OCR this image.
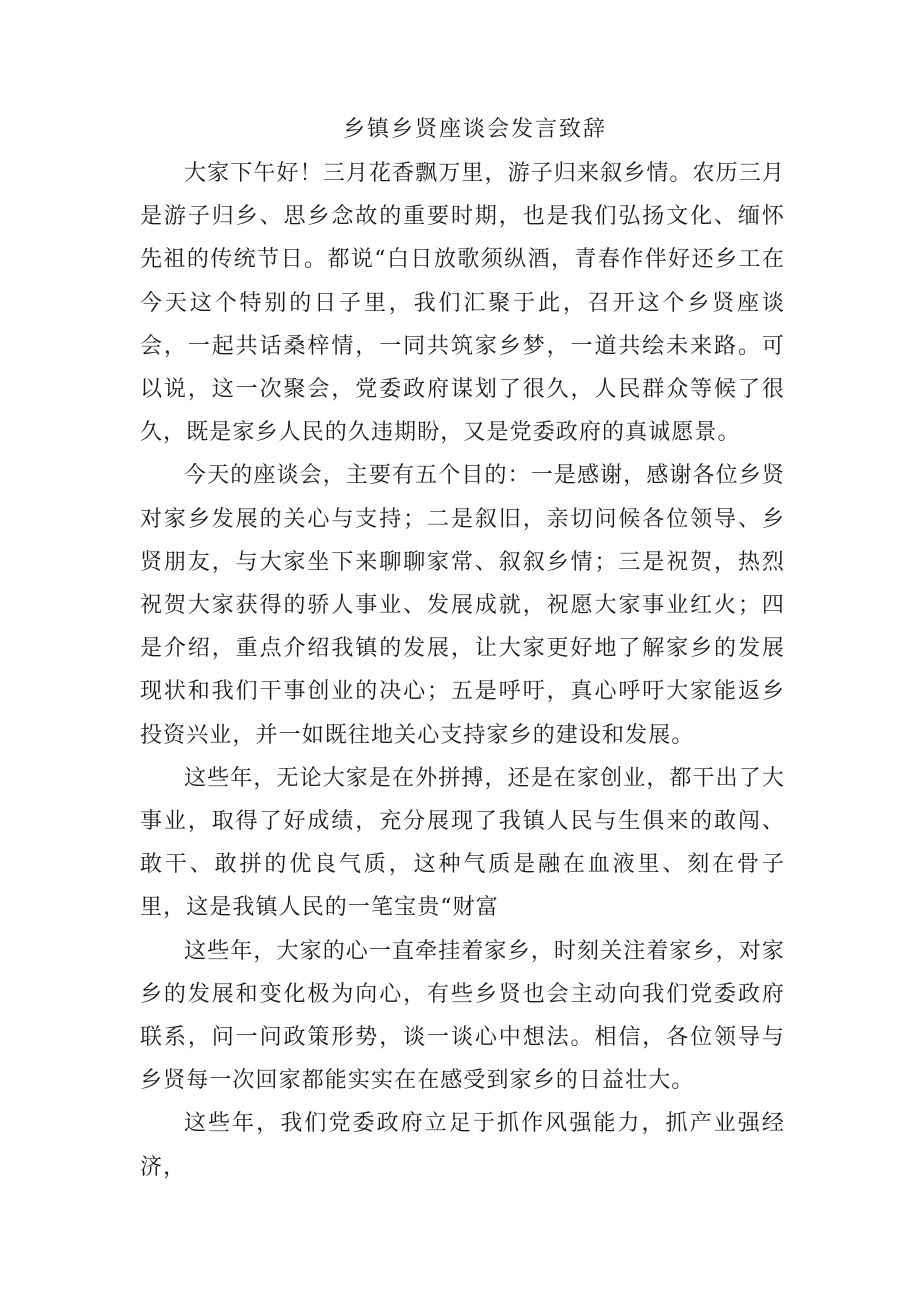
乡镇乡贤座谈会发言致辞

大家下午好！三月花香飘万里，游子归来叙乡情。农历三月是游子归乡、思乡念故的重要时期，也是我们弘扬文化、缅怀先祖的传统节日。都说“白日放歌须纵酒，青春作伴好还乡工在今天这个特别的日子里，我们汇聚于此，召开这个乡贤座谈会，一起共话桑梓情，一同共筑家乡梦，一道共绘未来路。可以说，这一次聚会，党委政府谋划了很久，人民群众等候了很久，既是家乡人民的久违期盼，又是党委政府的真诚愿景。

今天的座谈会，主要有五个目的：一是感谢，感谢各位乡贤对家乡发展的关心与支持；二是叙旧，亲切问候各位领导、乡贤朋友，与大家坐下来聊聊家常、叙叙乡情；三是祝贺，热烈祝贺大家获得的骄人事业、发展成就，祝愿大家事业红火；四是介绍，重点介绍我镇的发展，让大家更好地了解家乡的发展现状和我们干事创业的决心；五是呼吁，真心呼吁大家能返乡投资兴业，并一如既往地关心支持家乡的建设和发展。

这些年，无论大家是在外拼搏，还是在家创业，都干出了大事业，取得了好成绩，充分展现了我镇人民与生俱来的敢闯、敢干、敢拼的优良气质，这种气质是融在血液里、刻在骨子里，这是我镇人民的一笔宝贵“财富

这些年，大家的心一直牵挂着家乡，时刻关注着家乡，对家乡的发展和变化极为向心，有些乡贤也会主动向我们党委政府联系，问一问政策形势，谈一谈心中想法。相信，各位领导与乡贤每一次回家都能实实在在感受到家乡的日益壮大。

这些年，我们党委政府立足于抓作风强能力，抓产业强经济，
